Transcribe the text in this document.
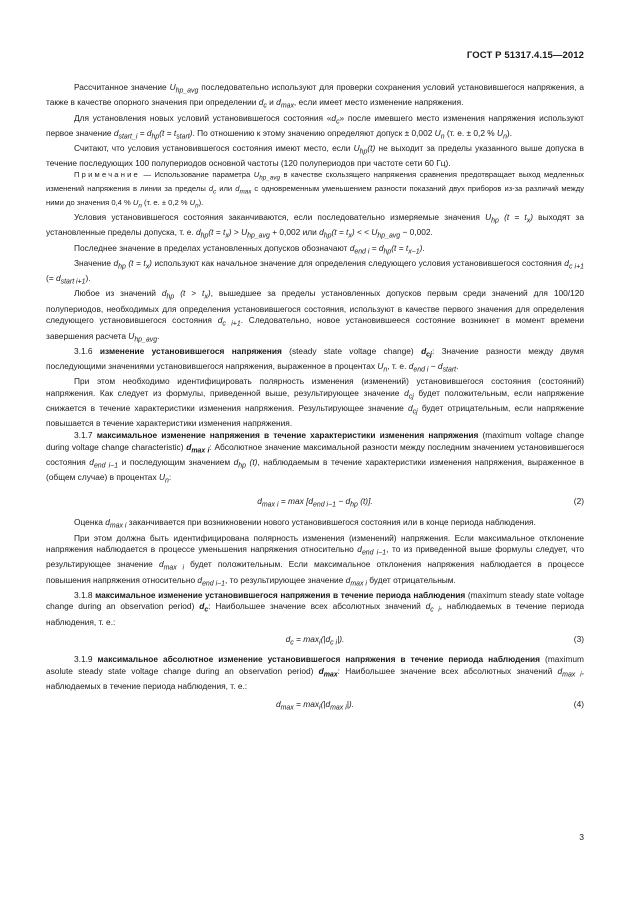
ГОСТ Р 51317.4.15—2012

Рассчитанное значение $U_{hp\_avg}$ последовательно используют для проверки сохранения условий установившегося напряжения, а также в качестве опорного значения при определении $d_c$ и $d_{max}$, если имеет место изменение напряжения.

Для установления новых условий установившегося состояния «$d_c$» после имевшего место изменения напряжения используют первое значение $d_{start\_i} = d_{hp}(t = t_{start})$. По отношению к этому значению определяют допуск ± 0,002 $U_n$ (т. е. ± 0,2 % $U_n$).

Считают, что условия установившегося состояния имеют место, если $U_{hp}(t)$ не выходит за пределы указанного выше допуска в течение последующих 100 полупериодов основной частоты (120 полупериодов при частоте сети 60 Гц).

Примечание — Использование параметра $U_{hp\_avg}$ в качестве скользящего напряжения сравнения предотвращает выход медленных изменений напряжения в линии за пределы $d_c$ или $d_{max}$ с одновременным уменьшением разности показаний двух приборов из-за различий между ними до значения 0,4 % $U_n$ (т. е. ± 0,2 % $U_n$).

Условия установившегося состояния заканчиваются, если последовательно измеряемые значения $U_{hp}$ $(t = t_x)$ выходят за установленные пределы допуска, т. е. $d_{hp}(t = t_x) > U_{hp\_avg} + 0,002$ или $d_{hp}(t = t_x)$ < < $U_{hp\_avg} - 0,002$.

Последнее значение в пределах установленных допусков обозначают $d_{end i} = d_{hp}(t = t_{x-1})$.

Значение $d_{hp}$ $(t = t_x)$ используют как начальное значение для определения следующего условия установившегося состояния $d_{c i+1}$ (= $d_{start i+1}$).

Любое из значений $d_{hp}$ $(t > t_x)$, вышедшее за пределы установленных допусков первым среди значений для 100/120 полупериодов, необходимых для определения установившегося состояния, используют в качестве первого значения для определения следующего установившегося состояния $d_{c i+1}$. Следовательно, новое установившееся состояние возникнет в момент времени завершения расчета $U_{hp\_avg}$.

3.1.6 изменение установившегося напряжения (steady state voltage change) $d_{cj}$: Значение разности между двумя последующими значениями установившегося напряжения, выраженное в процентах $U_n$, т. е. $d_{end i} - d_{start}$.

При этом необходимо идентифицировать полярность изменения (изменений) установившегося состояния (состояний) напряжения. Как следует из формулы, приведенной выше, результирующее значение $d_{cj}$ будет положительным, если напряжение снижается в течение характеристики изменения напряжения. Результирующее значение $d_{cj}$ будет отрицательным, если напряжение повышается в течение характеристики изменения напряжения.

3.1.7 максимальное изменение напряжения в течение характеристики изменения напряжения (maximum voltage change during voltage change characteristic) $d_{max i}$: Абсолютное значение максимальной разности между последним значением установившегося состояния $d_{end i-1}$ и последующим значением $d_{hp}$ (t), наблюдаемым в течение характеристики изменения напряжения, выраженное в (общем случае) в процентах $U_n$:

$d_{max i} = \max [d_{end i-1} - d_{hp}$ (t)].	(2)

Оценка $d_{max i}$ заканчивается при возникновении нового установившегося состояния или в конце периода наблюдения.

При этом должна быть идентифицирована полярность изменения (изменений) напряжения. Если максимальное отклонение напряжения наблюдается в процессе уменьшения напряжения относительно $d_{end i-1}$, то из приведенной выше формулы следует, что результирующее значение $d_{max i}$ будет положительным. Если максимальное отклонения напряжения наблюдается в процессе повышения напряжения относительно $d_{end i-1}$, то результирующее значение $d_{max i}$ будет отрицательным.

3.1.8 максимальное изменение установившегося напряжения в течение периода наблюдения (maximum steady state voltage change during an observation period) $d_c$: Наибольшее значение всех абсолютных значений $d_{c i}$, наблюдаемых в течение периода наблюдения, т. е.:

$d_c = \max_i(|d_{c i}|)$.	(3)

3.1.9 максимальное абсолютное изменение установившегося напряжения в течение периода наблюдения (maximum asolute steady state voltage change during an observation period) $d_{max}$: Наибольшее значение всех абсолютных значений $d_{max i}$, наблюдаемых в течение периода наблюдения, т. е.:

$d_{max} = \max_i(|d_{max i}|)$.	(4)
3
